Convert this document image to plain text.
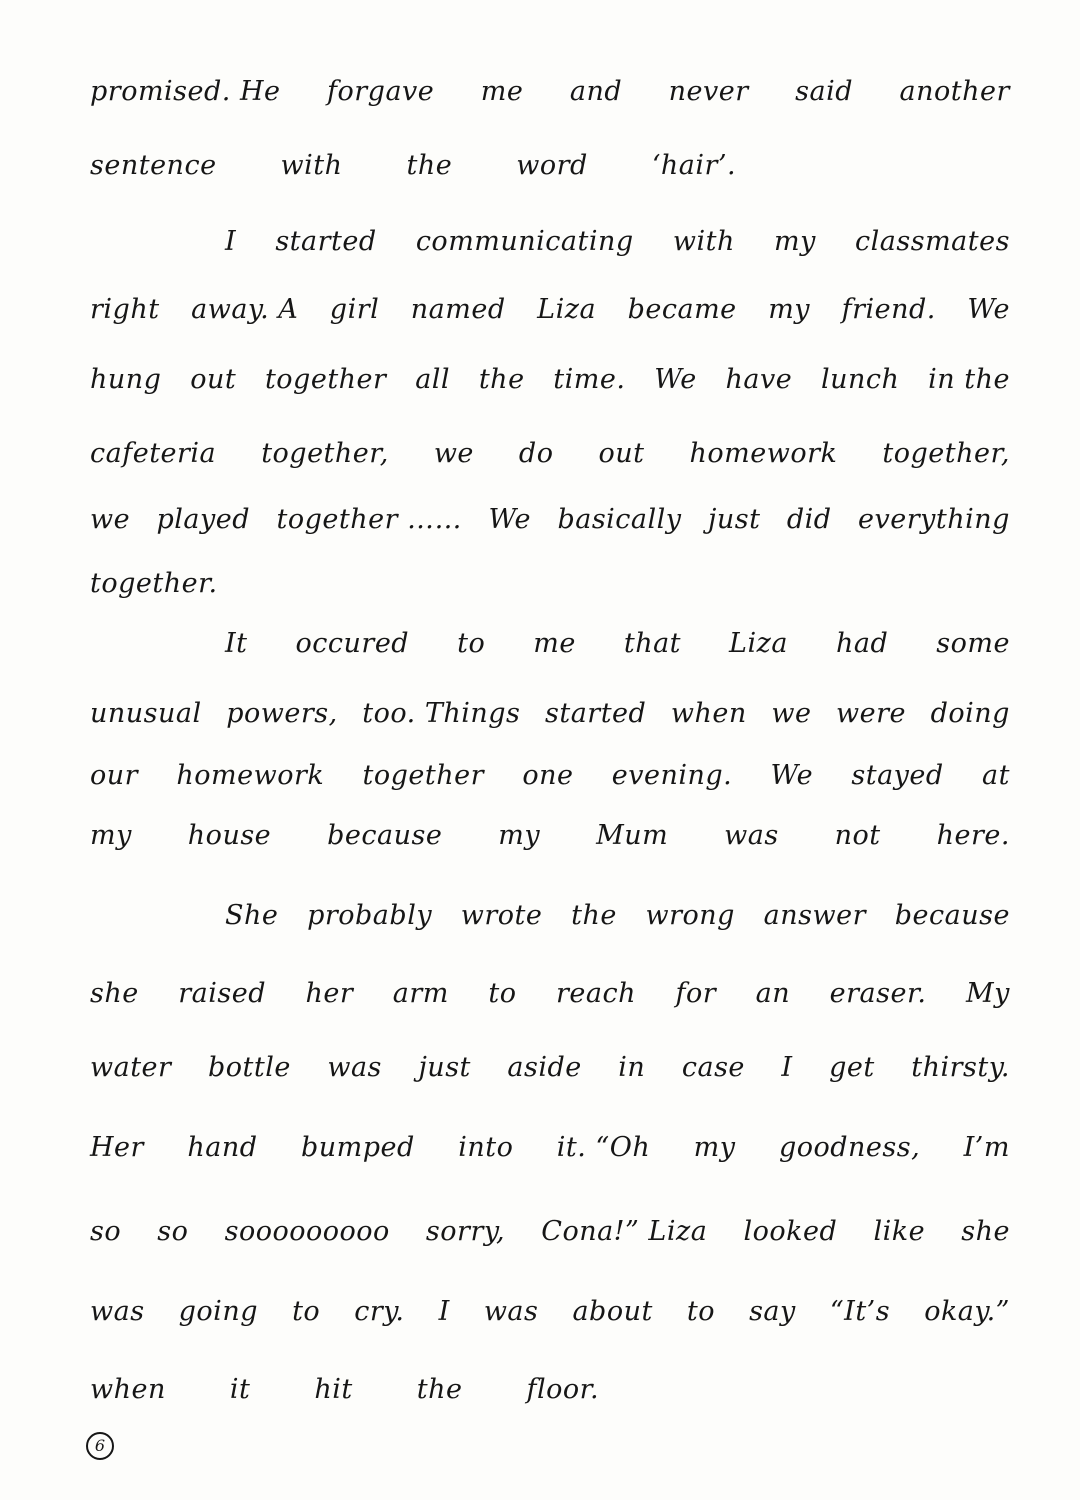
promised. He forgave me and never said another
sentence with the word ‘hair’.
I started communicating with my classmates
right away. A girl named Liza became my friend. We
hung out together all the time. We have lunch in the
cafeteria together, we do out homework together,
we played together …… We basically just did everything
together.
It occured to me that Liza had some
unusual powers, too. Things started when we were doing
our homework together one evening. We stayed at
my house because my Mum was not here.
She probably wrote the wrong answer because
she raised her arm to reach for an eraser. My
water bottle was just aside in case I get thirsty.
Her hand bumped into it. “Oh my goodness, I’m
so so sooooooooo sorry, Cona!” Liza looked like she
was going to cry. I was about to say “It’s okay.”
when it hit the floor.
6
